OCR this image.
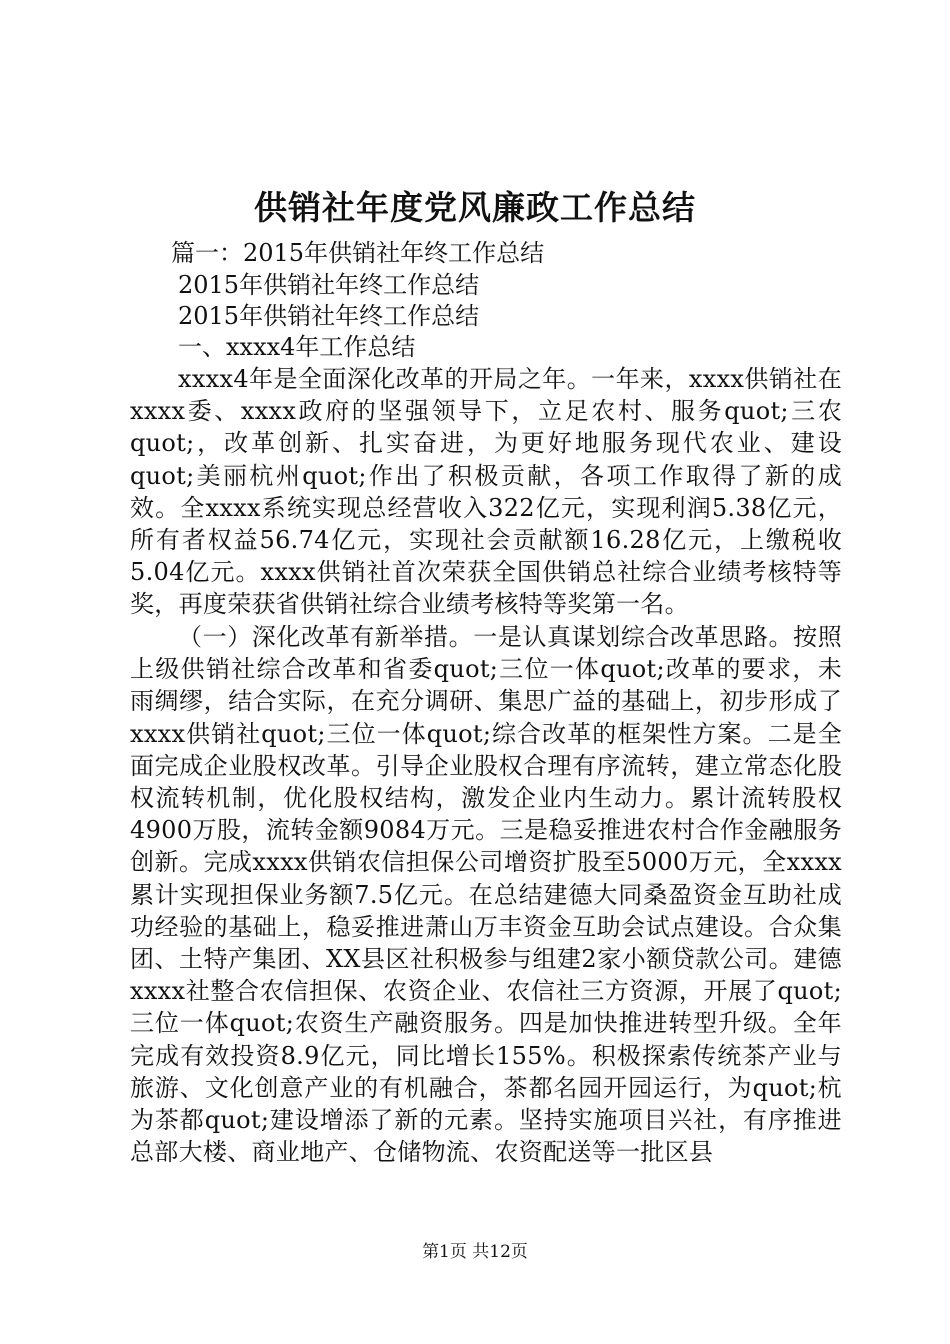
供销社年度党风廉政工作总结
篇一：2015年供销社年终工作总结
2015年供销社年终工作总结
2015年供销社年终工作总结
一、xxxx4年工作总结

xxxx4年是全面深化改革的开局之年。一年来，xxxx供销社在xxxx委、xxxx政府的坚强领导下，立足农村、服务quot;三农quot;，改革创新、扎实奋进，为更好地服务现代农业、建设quot;美丽杭州quot;作出了积极贡献，各项工作取得了新的成效。全xxxx系统实现总经营收入322亿元，实现利润5.38亿元，所有者权益56.74亿元，实现社会贡献额16.28亿元，上缴税收5.04亿元。xxxx供销社首次荣获全国供销总社综合业绩考核特等奖，再度荣获省供销社综合业绩考核特等奖第一名。

（一）深化改革有新举措。一是认真谋划综合改革思路。按照上级供销社综合改革和省委quot;三位一体quot;改革的要求，未雨绸缪，结合实际，在充分调研、集思广益的基础上，初步形成了xxxx供销社quot;三位一体quot;综合改革的框架性方案。二是全面完成企业股权改革。引导企业股权合理有序流转，建立常态化股权流转机制，优化股权结构，激发企业内生动力。累计流转股权4900万股，流转金额9084万元。三是稳妥推进农村合作金融服务创新。完成xxxx供销农信担保公司增资扩股至5000万元，全xxxx累计实现担保业务额7.5亿元。在总结建德大同桑盈资金互助社成功经验的基础上，稳妥推进萧山万丰资金互助会试点建设。合众集团、土特产集团、XX县区社积极参与组建2家小额贷款公司。建德xxxx社整合农信担保、农资企业、农信社三方资源，开展了quot;三位一体quot;农资生产融资服务。四是加快推进转型升级。全年完成有效投资8.9亿元，同比增长155%。积极探索传统茶产业与旅游、文化创意产业的有机融合，茶都名园开园运行，为quot;杭为茶都quot;建设增添了新的元素。坚持实施项目兴社，有序推进总部大楼、商业地产、仓储物流、农资配送等一批区县

第1页 共12页
